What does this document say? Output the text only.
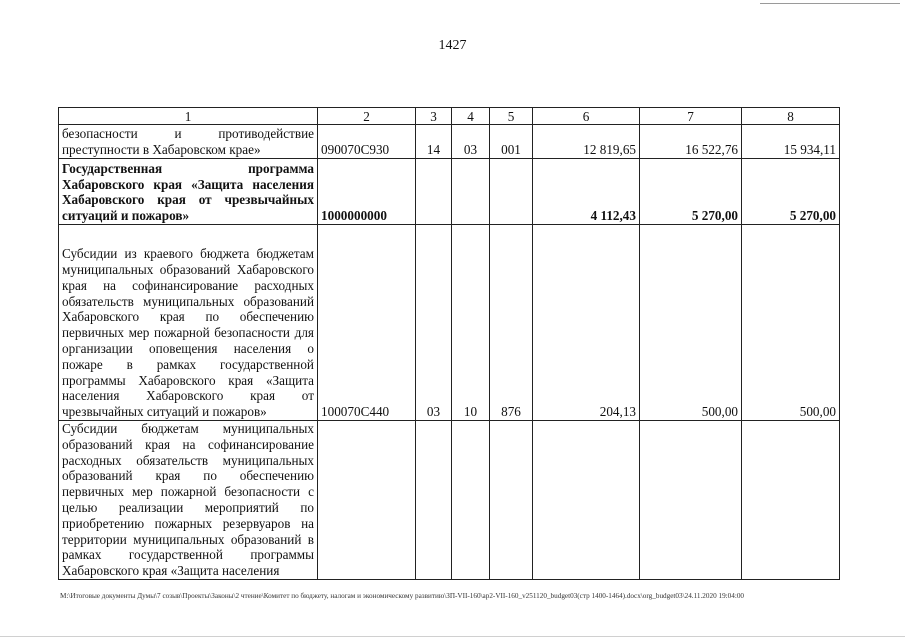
1427
1	2	3	4	5	6	7	8
безопасности и противодействие преступности в Хабаровском крае»	090070C930	14	03	001	12 819,65	16 522,76	15 934,11
Государственная программа Хабаровского края «Защита населения Хабаровского края от чрезвычайных ситуаций и пожаров»	1000000000				4 112,43	5 270,00	5 270,00
Субсидии из краевого бюджета бюджетам муниципальных образований Хабаровского края на софинансирование расходных обязательств муниципальных образований Хабаровского края по обеспечению первичных мер пожарной безопасности для организации оповещения населения о пожаре в рамках государственной программы Хабаровского края «Защита населения Хабаровского края от чрезвычайных ситуаций и пожаров»	100070C440	03	10	876	204,13	500,00	500,00
Субсидии бюджетам муниципальных образований края на софинансирование расходных обязательств муниципальных образований края по обеспечению первичных мер пожарной безопасности с целью реализации мероприятий по приобретению пожарных резервуаров на территории муниципальных образований в рамках государственной программы Хабаровского края «Защита населения							
M:\Итоговые документы Думы\7 созыв\Проекты\Законы\2 чтение\Комитет по бюджету, налогам и экономическому развитию\ЗП-VII-160\ap2-VII-160_v251120_budget03(стр 1400-1464).docx\org_budget03\24.11.2020 19:04:00
